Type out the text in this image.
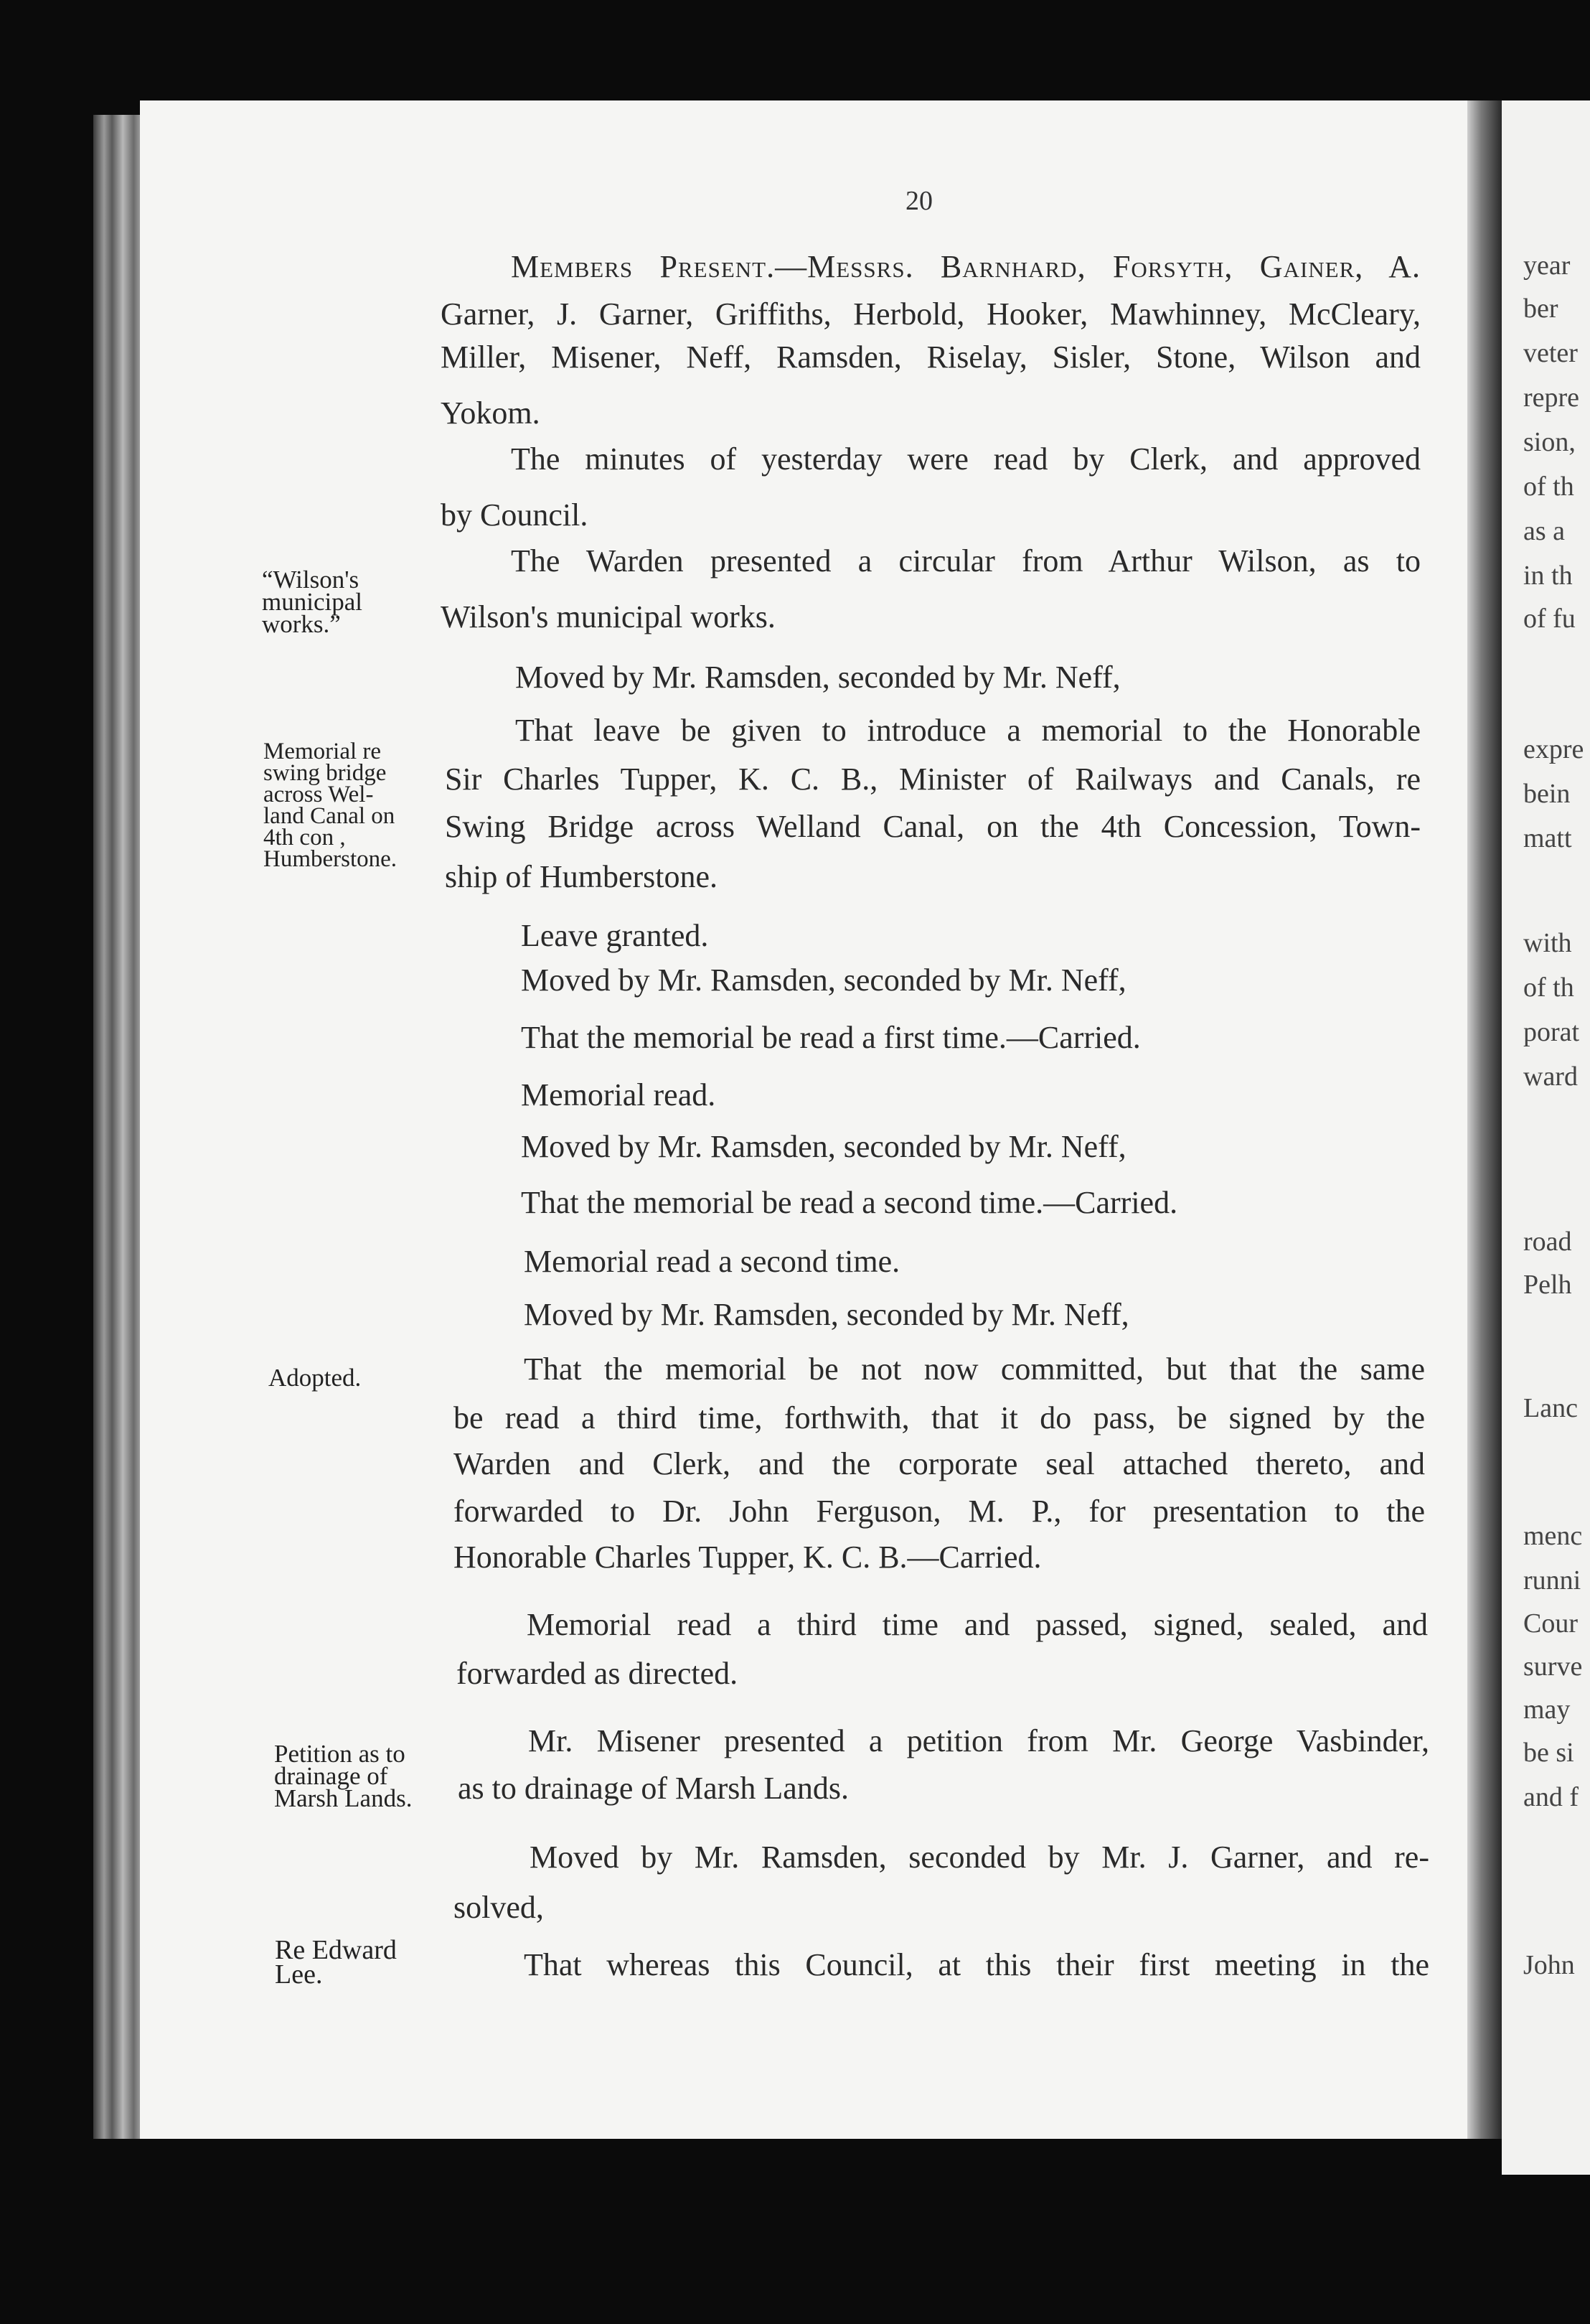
year
ber
veter
repre
sion,
of th
as a
in th
of fu
expre
bein
matt
with
of th
porat
ward
road
Pelh
Lanc
menc
runni
Cour
surve
may
be si
and f
John
20
Members Present.—Messrs. Barnhard, Forsyth, Gainer, A.
Garner, J. Garner, Griffiths, Herbold, Hooker, Mawhinney, McCleary,
Miller, Misener, Neff, Ramsden, Riselay, Sisler, Stone, Wilson and
Yokom.
The minutes of yesterday were read by Clerk, and approved
by Council.
The Warden presented a circular from Arthur Wilson, as to
Wilson's municipal works.
Moved by Mr. Ramsden, seconded by Mr. Neff,
That leave be given to introduce a memorial to the Honorable
Sir Charles Tupper, K. C. B., Minister of Railways and Canals, re
Swing Bridge across Welland Canal, on the 4th Concession, Town-
ship of Humberstone.
Leave granted.
Moved by Mr. Ramsden, seconded by Mr. Neff,
That the memorial be read a first time.—Carried.
Memorial read.
Moved by Mr. Ramsden, seconded by Mr. Neff,
That the memorial be read a second time.—Carried.
Memorial read a second time.
Moved by Mr. Ramsden, seconded by Mr. Neff,
That the memorial be not now committed, but that the same
be read a third time, forthwith, that it do pass, be signed by the
Warden and Clerk, and the corporate seal attached thereto, and
forwarded to Dr. John Ferguson, M. P., for presentation to the
Honorable Charles Tupper, K. C. B.—Carried.
Memorial read a third time and passed, signed, sealed, and
forwarded as directed.
Mr. Misener presented a petition from Mr. George Vasbinder,
as to drainage of Marsh Lands.
Moved by Mr. Ramsden, seconded by Mr. J. Garner, and re-
solved,
That whereas this Council, at this their first meeting in the
“Wilson's
municipal
works.”
Memorial re
swing bridge
across Wel-
land Canal on
4th con ,
Humberstone.
Adopted.
Petition as to
drainage of
Marsh Lands.
Re Edward
Lee.
